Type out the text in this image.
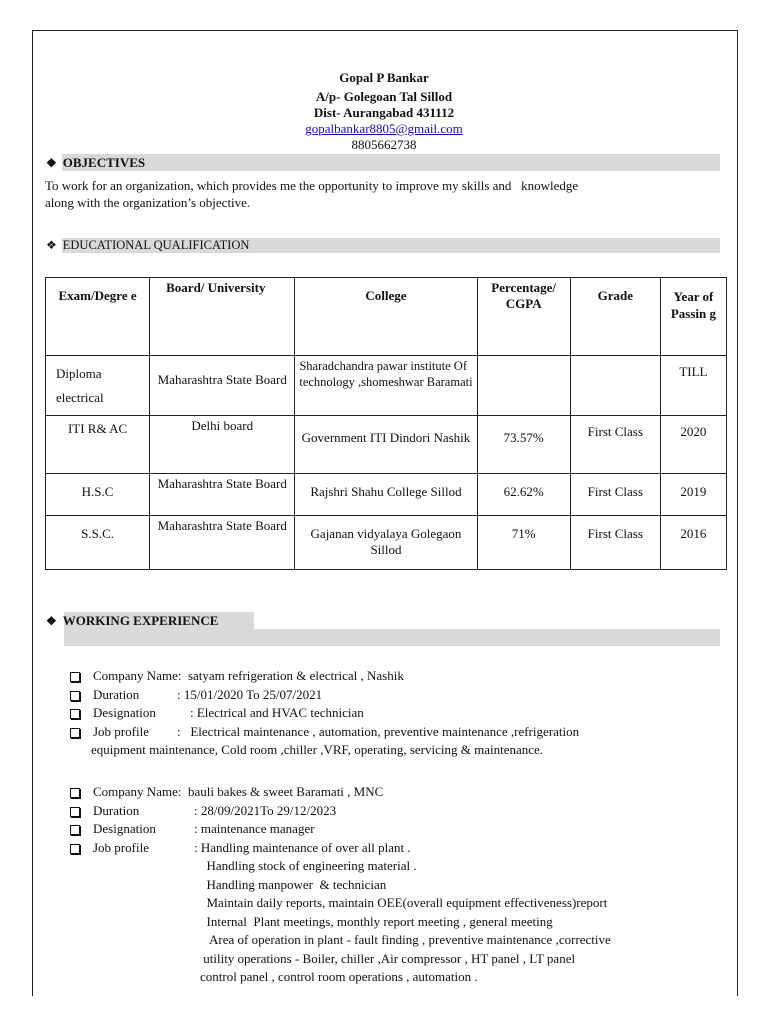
Gopal P Bankar
A/p- Golegoan Tal Sillod
Dist- Aurangabad 431112
gopalbankar8805@gmail.com
8805662738
❖ OBJECTIVES
To work for an organization, which provides me the opportunity to improve my skills and   knowledge
along with the organization’s objective.
❖ EDUCATIONAL QUALIFICATION
Exam/Degre e	Board/ University	College	Percentage/ CGPA	Grade	Year of Passin g
Diploma electrical	Maharashtra State Board	Sharadchandra pawar institute Of technology ,shomeshwar Baramati			TILL
ITI R& AC	Delhi board	Government ITI Dindori Nashik	73.57%	First Class	2020
H.S.C	Maharashtra State Board	Rajshri Shahu College Sillod	62.62%	First Class	2019
S.S.C.	Maharashtra State Board	Gajanan vidyalaya Golegaon Sillod	71%	First Class	2016
❖ WORKING EXPERIENCE
Company Name:
satyam refrigeration & electrical , Nashik
Duration	: 15/01/2020 To 25/07/2021
Designation	: Electrical and HVAC technician
Job profile	:   Electrical maintenance , automation, preventive maintenance ,refrigeration
equipment maintenance, Cold room ,chiller ,VRF, operating, servicing & maintenance.
Company Name:
bauli bakes & sweet Baramati , MNC
Duration	: 28/09/2021To 29/12/2023
Designation	: maintenance manager
Job profile	: Handling maintenance of over all plant .
Handling stock of engineering material .
Handling manpower  & technician
Maintain daily reports, maintain OEE(overall equipment effectiveness)report
Internal  Plant meetings, monthly report meeting , general meeting
Area of operation in plant - fault finding , preventive maintenance ,corrective
utility operations - Boiler, chiller ,Air compressor , HT panel , LT panel
control panel , control room operations , automation .
